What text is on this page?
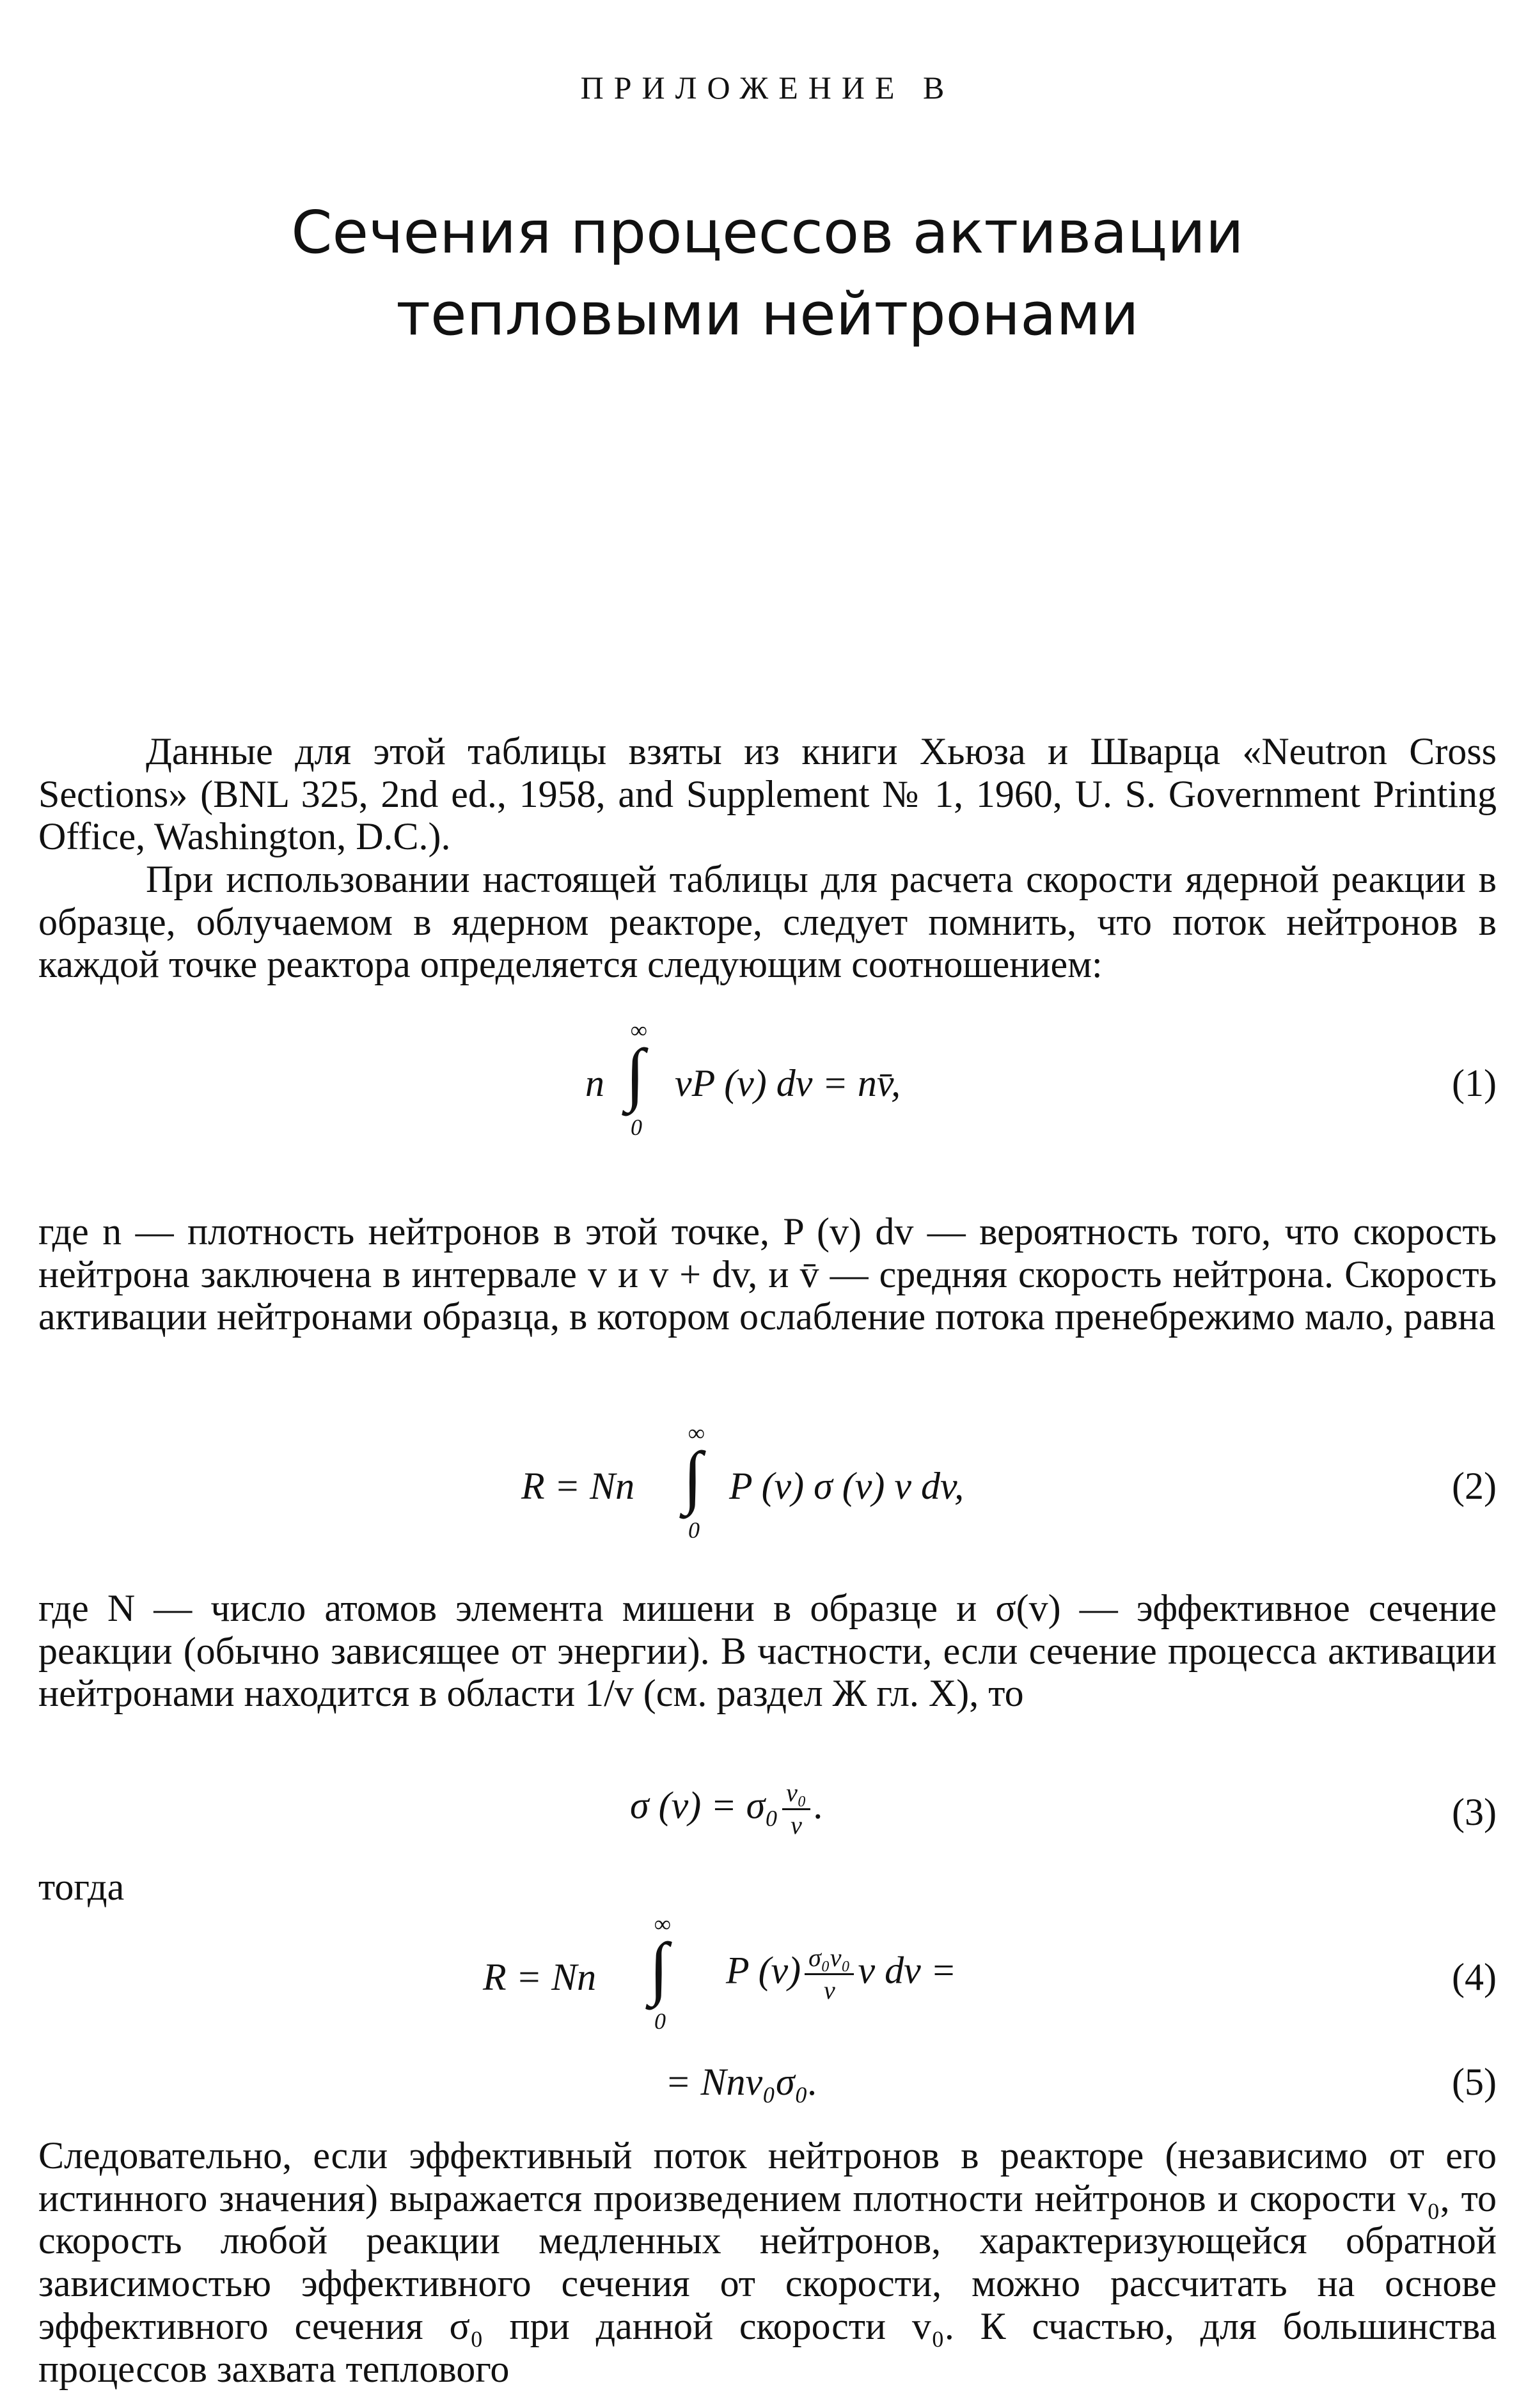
ПРИЛОЖЕНИЕ В
Сечения процессов активации
тепловыми нейтронами

Данные для этой таблицы взяты из книги Хьюза и Шварца «Neutron Cross Sections» (BNL 325, 2nd ed., 1958, and Supplement № 1, 1960, U. S. Government Printing Office, Washington, D.C.).

При использовании настоящей таблицы для расчета скорости ядерной реакции в образце, облучаемом в ядерном реакторе, следует помнить, что поток нейтронов в каждой точке реактора определяется следующим соотношением:

n
∞
∫
0
vP (v) dv = nv̄,	(1)

где n — плотность нейтронов в этой точке, P (v) dv — вероятность того, что скорость нейтрона заключена в интервале v и v + dv, и v̄ — средняя скорость нейтрона. Скорость активации нейтронами образца, в котором ослабление потока пренебрежимо мало, равна

R = Nn
∞
∫
0
P (v) σ (v) v dv,	(2)

где N — число атомов элемента мишени в образце и σ(v) — эффективное сечение реакции (обычно зависящее от энергии). В частности, если сечение процесса активации нейтронами находится в области 1/v (см. раздел Ж гл. X), то

σ $(v) = \sigma_0 \frac{\text{v₀}}{v}$ .	(3)

тогда

R = Nn
∞
∫
0
P $(v) \frac{\text{σ₀v₀}}{v}$ v dv =	(4)
= Nnv₀σ₀.	(5)

Следовательно, если эффективный поток нейтронов в реакторе (независимо от его истинного значения) выражается произведением плотности нейтронов и скорости v₀, то скорость любой реакции медленных нейтронов, характеризующейся обратной зависимостью эффективного сечения от скорости, можно рассчитать на основе эффективного сечения σ₀ при данной скорости v₀. К счастью, для большинства процессов захвата теплового
